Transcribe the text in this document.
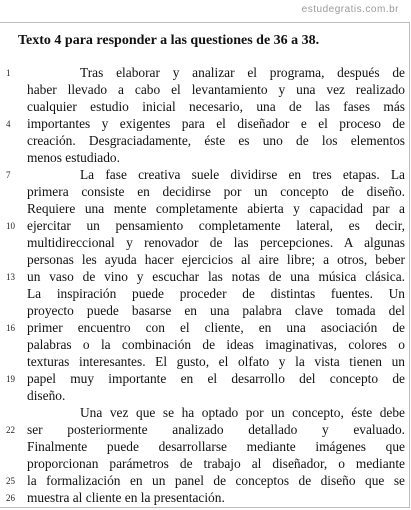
estudegratis.com.br
Texto 4 para responder a las questiones de 36 a 38.
1	Tras elaborar y analizar el programa, después de
haber llevado a cabo el levantamiento y una vez realizado
cualquier estudio inicial necesario, una de las fases más
4	importantes y exigentes para el diseñador e el proceso de
creación. Desgraciadamente, éste es uno de los elementos
menos estudiado.
7	La fase creativa suele dividirse en tres etapas. La
primera consiste en decidirse por un concepto de diseño.
Requiere una mente completamente abierta y capacidad par a
10 ejercitar un pensamiento completamente lateral, es decir,
multidireccional y renovador de las percepciones. A algunas
personas les ayuda hacer ejercicios al aire libre; a otros, beber
13 un vaso de vino y escuchar las notas de una música clásica.
La inspiración puede proceder de distintas fuentes. Un
proyecto puede basarse en una palabra clave tomada del
16 primer encuentro con el cliente, en una asociación de
palabras o la combinación de ideas imaginativas, colores o
texturas interesantes. El gusto, el olfato y la vista tienen un
19 papel muy importante en el desarrollo del concepto de
diseño.
Una vez que se ha optado por un concepto, éste debe
22 ser posteriormente analizado detallado y evaluado.
Finalmente puede desarrollarse mediante imágenes que
proporcionan parámetros de trabajo al diseñador, o mediante
25 la formalización en un panel de conceptos de diseño que se
26 muestra al cliente en la presentación.
